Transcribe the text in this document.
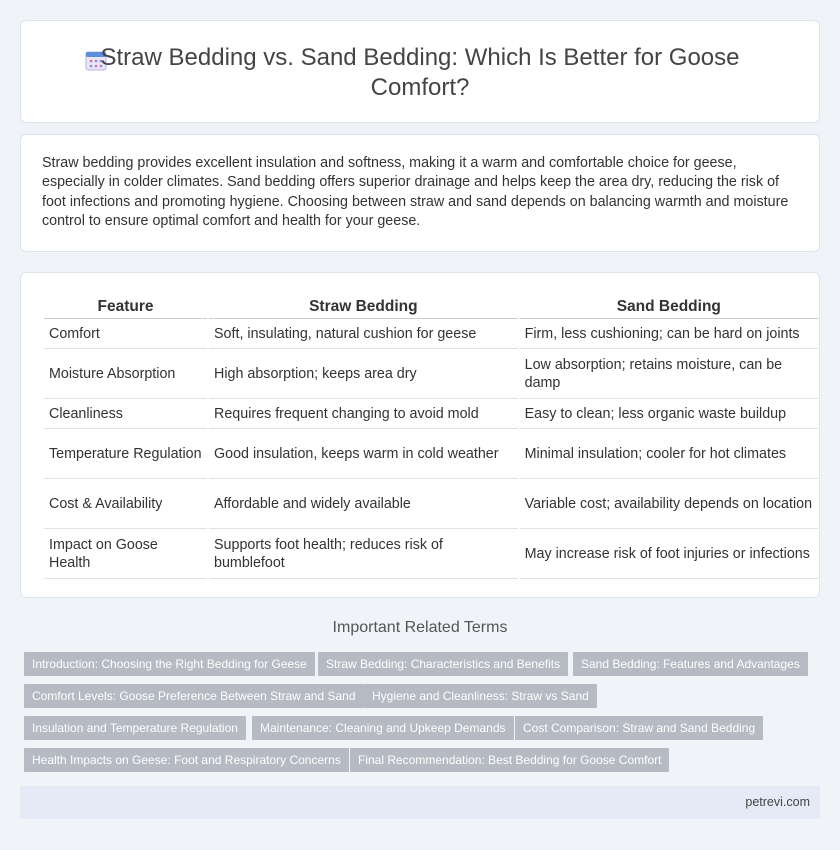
Straw Bedding vs. Sand Bedding: Which Is Better for Goose Comfort?

Straw bedding provides excellent insulation and softness, making it a warm and comfortable choice for geese, especially in colder climates. Sand bedding offers superior drainage and helps keep the area dry, reducing the risk of foot infections and promoting hygiene. Choosing between straw and sand depends on balancing warmth and moisture control to ensure optimal comfort and health for your geese.

Feature	Straw Bedding	Sand Bedding
Comfort	Soft, insulating, natural cushion for geese	Firm, less cushioning; can be hard on joints
Moisture Absorption	High absorption; keeps area dry	Low absorption; retains moisture, can be damp
Cleanliness	Requires frequent changing to avoid mold	Easy to clean; less organic waste buildup
Temperature Regulation	Good insulation, keeps warm in cold weather	Minimal insulation; cooler for hot climates
Cost & Availability	Affordable and widely available	Variable cost; availability depends on location
Impact on Goose Health	Supports foot health; reduces risk of bumblefoot	May increase risk of foot injuries or infections
Important Related Terms
Introduction: Choosing the Right Bedding for Geese	Straw Bedding: Characteristics and Benefits	Sand Bedding: Features and Advantages
Comfort Levels: Goose Preference Between Straw and Sand	Hygiene and Cleanliness: Straw vs Sand
Insulation and Temperature Regulation	Maintenance: Cleaning and Upkeep Demands	Cost Comparison: Straw and Sand Bedding
Health Impacts on Geese: Foot and Respiratory Concerns	Final Recommendation: Best Bedding for Goose Comfort
petrevi.com
